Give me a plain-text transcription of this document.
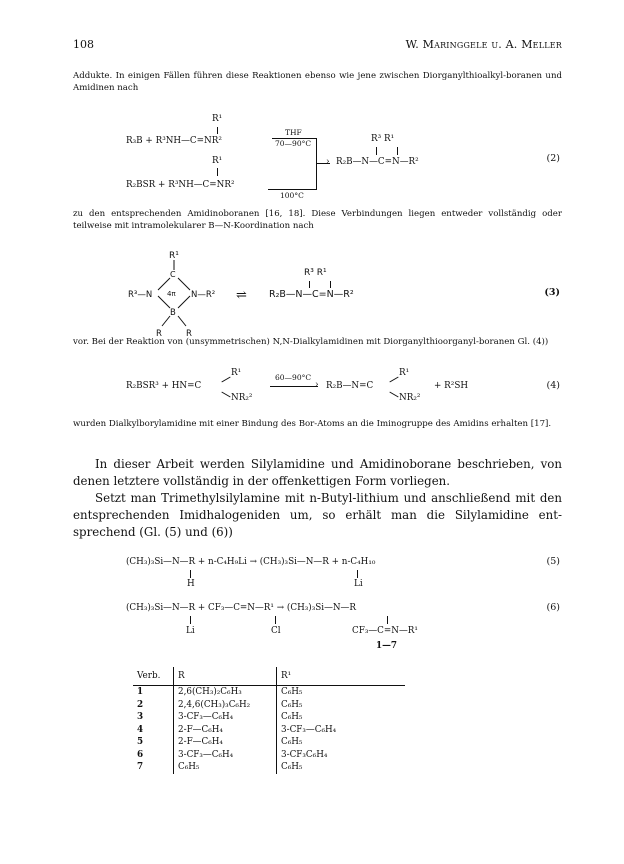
108	W. Maringgele u. A. Meller
Addukte. In einigen Fällen führen diese Reaktionen ebenso wie jene zwischen Diorganylthioalkyl-boranen und Amidinen nach
R¹
R₃B + R³NH—C=NR²
THF
70—90°C
›
R¹
R₂BSR + R³NH—C=NR²
100°C
R³ R¹
R₂B—N—C=N—R²	(2)
zu den entsprechenden Amidinoboranen [16, 18]. Diese Verbindungen liegen entweder vollständig oder teilweise mit intramolekularer B—N-Koordination nach
R¹
C
R³—N 4π N—R²
B
R	R
⇌
R³ R¹
R₂B—N—C=N—R²	(3)
vor. Bei der Reaktion von (unsymmetrischen) N,N-Dialkylamidinen mit Diorganylthioorganyl-boranen Gl. (4))
R₂BSR³ + HN=C
R¹
NR₂²
60—90°C
› R₂B—N=C
R¹
NR₂²
+ R²SH	(4)
wurden Dialkylborylamidine mit einer Bindung des Bor-Atoms an die Iminogruppe des Amidins erhalten [17].

In dieser Arbeit werden Silylamidine und Amidinoborane beschrieben, von denen letztere vollständig in der offenkettigen Form vorliegen.

Setzt man Trimethylsilylamine mit n-Butyl-lithium und anschließend mit den entsprechenden Imidhalogeniden um, so erhält man die Silylamidine ent-sprechend (Gl. (5) und (6))

(CH₃)₃Si—N—R + n-C₄H₉Li → (CH₃)₃Si—N—R + n-C₄H₁₀
H	Li
(5)
(CH₃)₃Si—N—R + CF₃—C=N—R¹ → (CH₃)₃Si—N—R
Li	Cl	CF₃—C=N—R¹
1—7
(6)
Verb.	R	R¹
1	2,6(CH₃)₂C₆H₃	C₆H₅
2	2,4,6(CH₃)₃C₆H₂	C₆H₅
3	3-CF₃—C₆H₄	C₆H₅
4	2-F—C₆H₄	3-CF₃—C₆H₄
5	2-F—C₆H₄	C₆H₅
6	3-CF₃—C₆H₄	3-CF₃C₆H₄
7	C₆H₅	C₆H₅
